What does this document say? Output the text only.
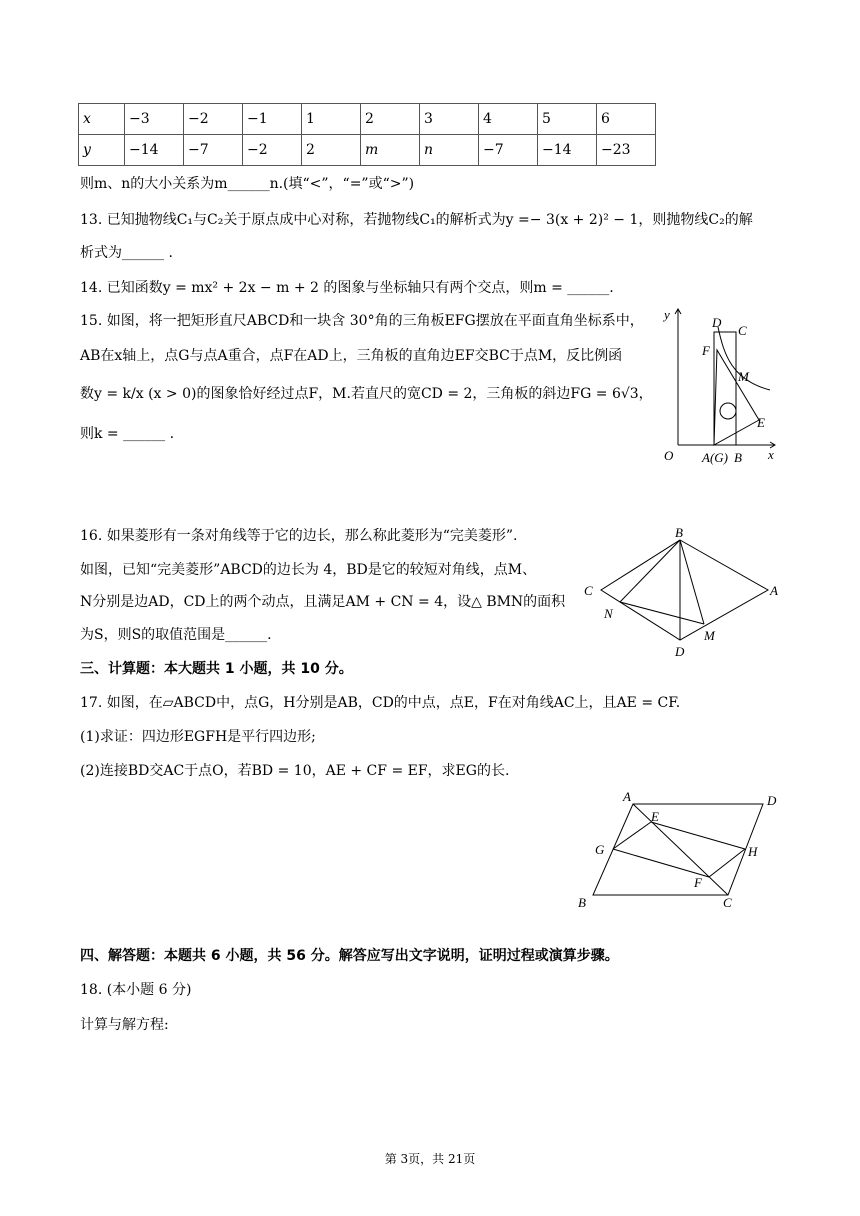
x	−3	−2	−1	1	2	3	4	5	6
y	−14	−7	−2	2	m	n	−7	−14	−23
则m、n的大小关系为m______n.(填“<”，“=”或“>”)
13. 已知抛物线C₁与C₂关于原点成中心对称，若抛物线C₁的解析式为y =− 3(x + 2)² − 1，则抛物线C₂的解
析式为______ .
14. 已知函数y = mx² + 2x − m + 2 的图象与坐标轴只有两个交点，则m = ______.
15. 如图，将一把矩形直尺ABCD和一块含 30°角的三角板EFG摆放在平面直角坐标系中，
AB在x轴上，点G与点A重合，点F在AD上，三角板的直角边EF交BC于点M，反比例函
数y = k/x (x > 0)的图象恰好经过点F，M.若直尺的宽CD = 2，三角板的斜边FG = 6√3，
则k = ______ .
y
D
C
F
M
E
O A(G) B x
16. 如果菱形有一条对角线等于它的边长，那么称此菱形为“完美菱形”.
如图，已知“完美菱形”ABCD的边长为 4，BD是它的较短对角线，点M、
N分别是边AD，CD上的两个动点，且满足AM + CN = 4，设△ BMN的面积
为S，则S的取值范围是______.
B
C	A
N
M
D
三、计算题：本大题共 1 小题，共 10 分。
17. 如图，在▱ABCD中，点G，H分别是AB，CD的中点，点E，F在对角线AC上，且AE = CF.
(1)求证：四边形EGFH是平行四边形;
(2)连接BD交AC于点O，若BD = 10，AE + CF = EF，求EG的长.
A
E
D
G	H
F
B	C
四、解答题：本题共 6 小题，共 56 分。解答应写出文字说明，证明过程或演算步骤。
18. (本小题 6 分)
计算与解方程:
第 3页，共 21页
